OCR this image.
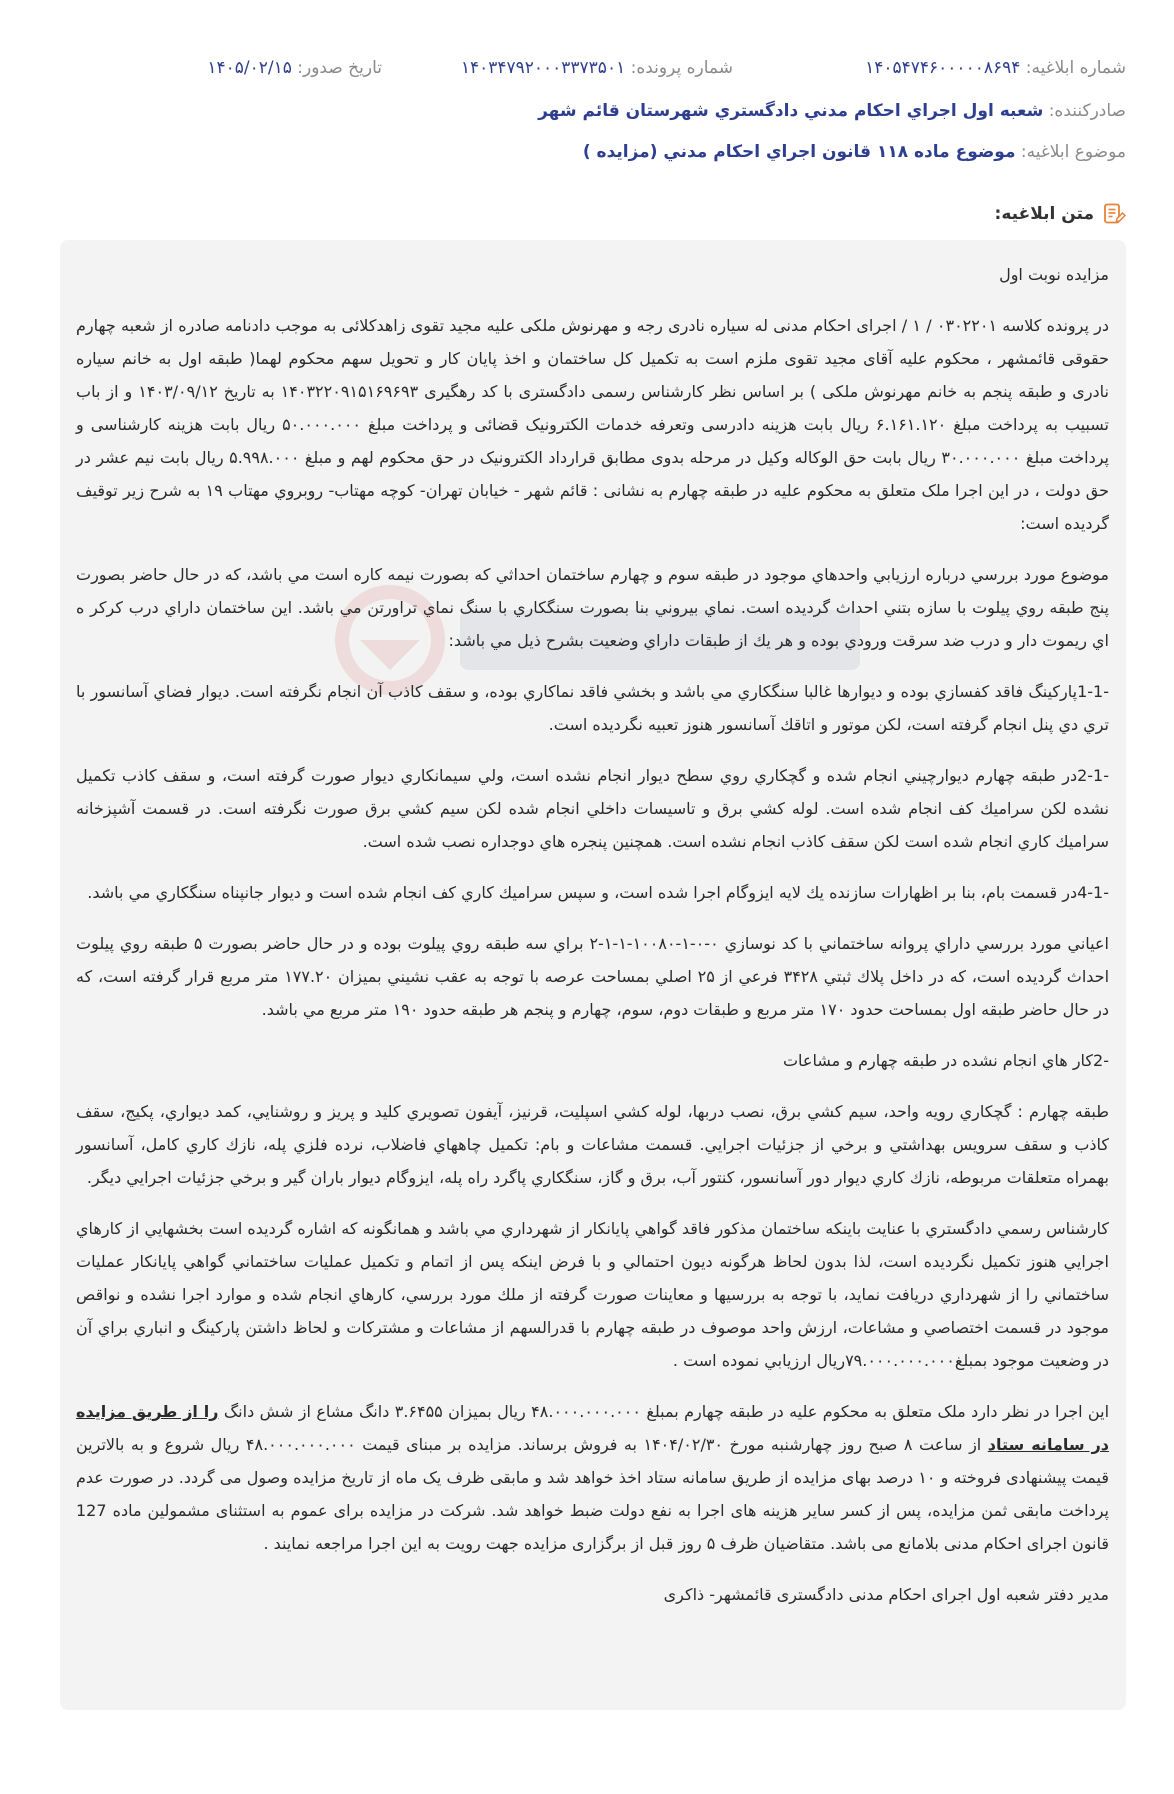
شماره ابلاغيه: ۱۴۰۵۴۷۴۶۰۰۰۰۰۸۶۹۴
شماره پرونده: ۱۴۰۳۴۷۹۲۰۰۰۳۳۷۳۵۰۱
تاريخ صدور: ۱۴۰۵/۰۲/۱۵
صادرکننده: شعبه اول اجراي احکام مدني دادگستري شهرستان قائم شهر
موضوع ابلاغيه: موضوع ماده ۱۱۸ قانون اجراي احکام مدني (مزايده )
متن ابلاغيه:

مزايده نوبت اول

در پرونده کلاسه ۰۳۰۲۲۰۱ / ۱ / اجرای احکام مدنی له سیاره نادری رجه و مهرنوش ملکی علیه مجید تقوی زاهدکلائی به موجب دادنامه صادره از شعبه چهارم حقوقی قائمشهر ، محکوم علیه آقای مجید تقوی ملزم است به تکمیل کل ساختمان و اخذ پایان کار و تحویل سهم محکوم لهما( طبقه اول به خانم سیاره نادری و طبقه پنجم به خانم مهرنوش ملکی ) بر اساس نظر کارشناس رسمی دادگستری با کد رهگیری ۱۴۰۳۲۲۰۹۱۵۱۶۹۶۹۳ به تاریخ ۱۴۰۳/۰۹/۱۲ و از باب تسبیب به پرداخت مبلغ ۶.۱۶۱.۱۲۰ ریال بابت هزینه دادرسی وتعرفه خدمات الکترونیک قضائی و پرداخت مبلغ ۵۰.۰۰۰.۰۰۰ ریال بابت هزینه کارشناسی و پرداخت مبلغ ۳۰.۰۰۰.۰۰۰ ریال بابت حق الوکاله وکیل در مرحله بدوی مطابق قرارداد الکترونیک در حق محکوم لهم و مبلغ ۵.۹۹۸.۰۰۰ ریال بابت نیم عشر در حق دولت ، در این اجرا ملک متعلق به محکوم علیه در طبقه چهارم به نشانی : قائم شهر - خیابان تهران- کوچه مهتاب- روبروي مهتاب ۱۹ به شرح زیر توقیف گردیده است:

موضوع مورد بررسي درباره ارزيابي واحدهاي موجود در طبقه سوم و چهارم ساختمان احداثي كه بصورت نيمه كاره است مي باشد، كه در حال حاضر بصورت پنج طبقه روي پيلوت با سازه بتني احداث گرديده است. نماي بيروني بنا بصورت سنگكاري با سنگ نماي تراورتن مي باشد. اين ساختمان داراي درب كركر ه اي ريموت دار و درب ضد سرقت ورودي بوده و هر يك از طبقات داراي وضعيت بشرح ذيل مي باشد:

-1-1پاركينگ فاقد كفسازي بوده و ديوارها غالبا سنگكاري مي باشد و بخشي فاقد نماكاري بوده، و سقف كاذب آن انجام نگرفته است. ديوار فضاي آسانسور با تري دي پنل انجام گرفته است، لكن موتور و اتاقك آسانسور هنوز تعبيه نگرديده است.

-2-1در طبقه چهارم ديوارچيني انجام شده و گچكاري روي سطح ديوار انجام نشده است، ولي سيمانكاري ديوار صورت گرفته است، و سقف كاذب تكميل نشده لكن سراميك كف انجام شده است. لوله كشي برق و تاسيسات داخلي انجام شده لكن سيم كشي برق صورت نگرفته است. در قسمت آشپزخانه سراميك كاري انجام شده است لكن سقف كاذب انجام نشده است. همچنين پنجره هاي دوجداره نصب شده است.

-4-1در قسمت بام، بنا بر اظهارات سازنده يك لايه ايزوگام اجرا شده است، و سپس سراميك كاري كف انجام شده است و ديوار جانپناه سنگكاري مي باشد.

اعياني مورد بررسي داراي پروانه ساختماني با كد نوسازي ۰-۰-۱-۱۰۰۸۰-۱-۱-۲ براي سه طبقه روي پيلوت بوده و در حال حاضر بصورت ۵ طبقه روي پيلوت احداث گرديده است، كه در داخل پلاك ثبتي ۳۴۲۸ فرعي از ۲۵ اصلي بمساحت عرصه با توجه به عقب نشيني بميزان ۱۷۷.۲۰ متر مربع قرار گرفته است، كه در حال حاضر طبقه اول بمساحت حدود ۱۷۰ متر مربع و طبقات دوم، سوم، چهارم و پنجم هر طبقه حدود ۱۹۰ متر مربع مي باشد.

-2كار هاي انجام نشده در طبقه چهارم و مشاعات

طبقه چهارم : گچكاري رويه واحد، سيم كشي برق، نصب دربها، لوله كشي اسپليت، قرنيز، آيفون تصويري كليد و پريز و روشنايي، كمد ديواري، پكيج، سقف كاذب و سقف سرويس بهداشتي و برخي از جزئيات اجرايي. قسمت مشاعات و بام: تكميل چاههاي فاضلاب، نرده فلزي پله، نازك كاري كامل، آسانسور بهمراه متعلقات مربوطه، نازك كاري ديوار دور آسانسور، كنتور آب، برق و گاز، سنگكاري پاگرد راه پله، ايزوگام ديوار باران گير و برخي جزئيات اجرايي ديگر.

كارشناس رسمي دادگستري با عنايت باينكه ساختمان مذكور فاقد گواهي پايانكار از شهرداري مي باشد و همانگونه كه اشاره گرديده است بخشهايي از كارهاي اجرايي هنوز تكميل نگرديده است، لذا بدون لحاظ هرگونه ديون احتمالي و با فرض اينكه پس از اتمام و تكميل عمليات ساختماني گواهي پايانكار عمليات ساختماني را از شهرداري دريافت نمايد، با توجه به بررسيها و معاينات صورت گرفته از ملك مورد بررسي، كارهاي انجام شده و موارد اجرا نشده و نواقص موجود در قسمت اختصاصي و مشاعات، ارزش واحد موصوف در طبقه چهارم با قدرالسهم از مشاعات و مشتركات و لحاظ داشتن پاركينگ و انباري براي آن در وضعيت موجود بمبلغ۷۹.۰۰۰.۰۰۰.۰۰۰ريال ارزيابي نموده است .

این اجرا در نظر دارد ملک متعلق به محکوم علیه در طبقه چهارم بمبلغ ۴۸.۰۰۰.۰۰۰.۰۰۰ ریال بمیزان ۳.۶۴۵۵ دانگ مشاع از شش دانگ را از طریق مزایده در سامانه ستاد از ساعت ۸ صبح روز چهارشنبه مورخ ۱۴۰۴/۰۲/۳۰ به فروش برساند. مزایده بر مبنای قیمت ۴۸.۰۰۰.۰۰۰.۰۰۰ ریال شروع و به بالاترین قیمت پیشنهادی فروخته و ۱۰ درصد بهای مزایده از طریق سامانه ستاد اخذ خواهد شد و مابقی ظرف یک ماه از تاریخ مزایده وصول می گردد. در صورت عدم پرداخت مابقی ثمن مزایده، پس از کسر سایر هزینه های اجرا به نفع دولت ضبط خواهد شد. شرکت در مزایده برای عموم به استثنای مشمولین ماده 127 قانون اجرای احکام مدنی بلامانع می باشد. متقاضیان ظرف ۵ روز قبل از برگزاری مزایده جهت رویت به این اجرا مراجعه نمایند .

مدیر دفتر شعبه اول اجرای احکام مدنی دادگستری قائمشهر- ذاکری
